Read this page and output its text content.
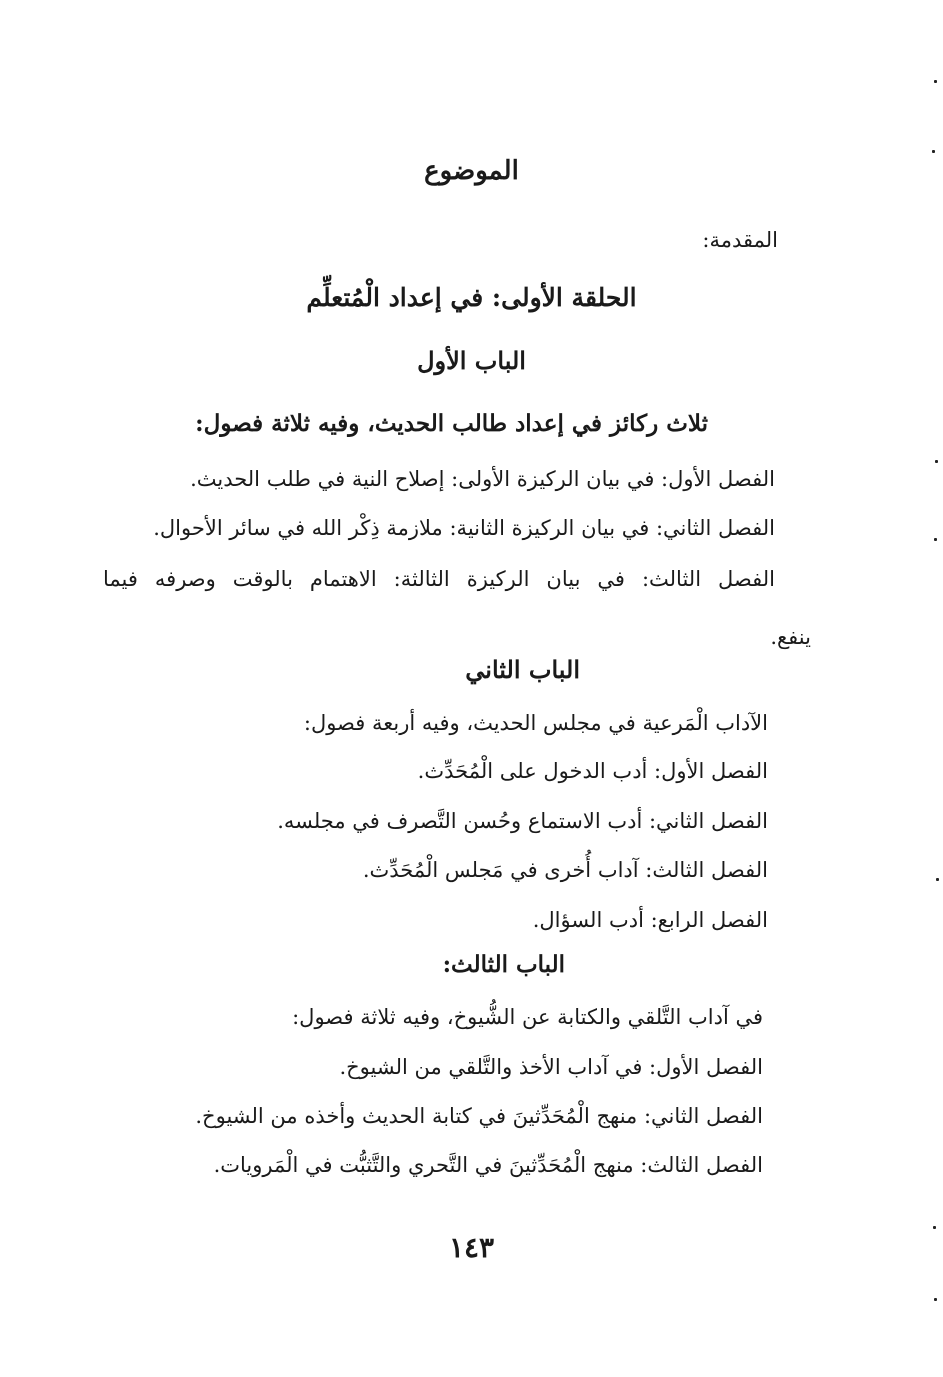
الموضوع
المقدمة:
الحلقة الأولى: في إعداد الْمُتعلِّم
الباب الأول
ثلاث ركائز في إعداد طالب الحديث، وفيه ثلاثة فصول:
الفصل الأول: في بيان الركيزة الأولى: إصلاح النية في طلب الحديث.
الفصل الثاني: في بيان الركيزة الثانية: ملازمة ذِكْر الله في سائر الأحوال.
الفصل الثالث: في بيان الركيزة الثالثة: الاهتمام بالوقت وصرفه فيما
ينفع.
الباب الثاني
الآداب الْمَرعية في مجلس الحديث، وفيه أربعة فصول:
الفصل الأول: أدب الدخول على الْمُحَدِّث.
الفصل الثاني: أدب الاستماع وحُسن التَّصرف في مجلسه.
الفصل الثالث: آداب أُخرى في مَجلس الْمُحَدِّث.
الفصل الرابع: أدب السؤال.
الباب الثالث:
في آداب التَّلقي والكتابة عن الشُّيوخ، وفيه ثلاثة فصول:
الفصل الأول: في آداب الأخذ والتَّلقي من الشيوخ.
الفصل الثاني: منهج الْمُحَدِّثينَ في كتابة الحديث وأخذه من الشيوخ.
الفصل الثالث: منهج الْمُحَدِّثينَ في التَّحري والتَّثبُّت في الْمَرويات.
١٤٣
